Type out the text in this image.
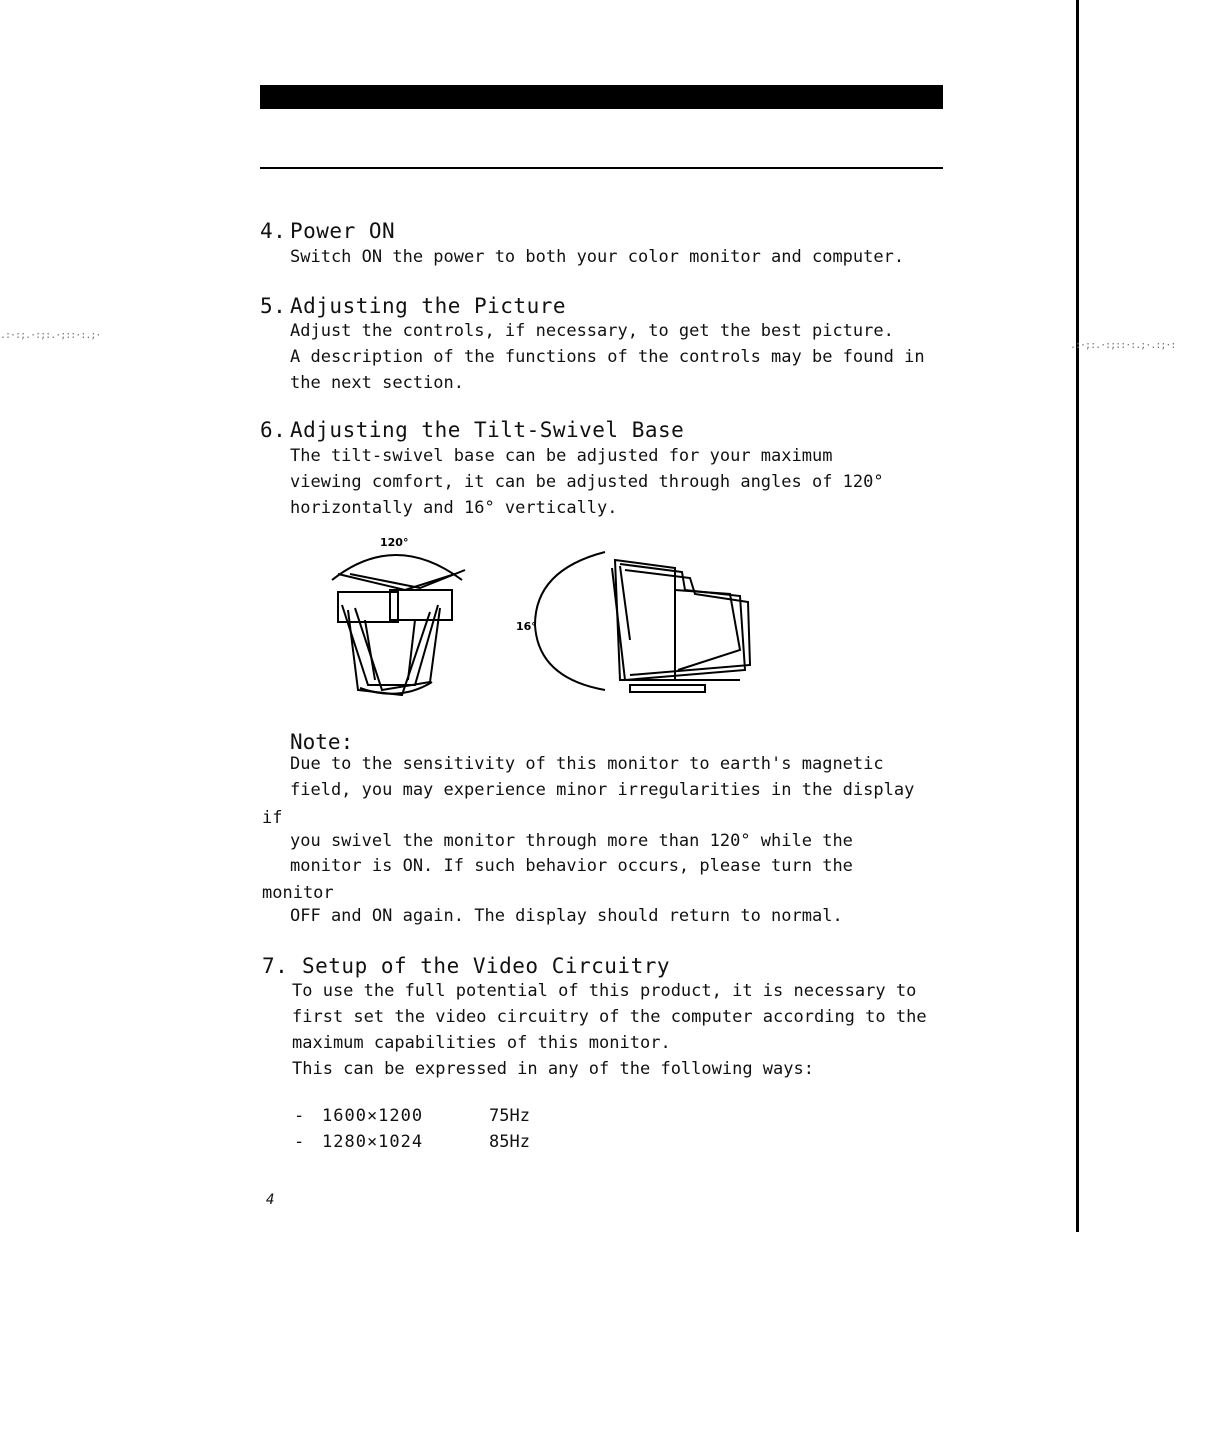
.:·:;.·:;:.·;::·:.;·
.:·;:.·:;::·:.;·.:;·:
4. Power ON
Switch ON the power to both your color monitor and computer.
5. Adjusting the Picture
Adjust the controls, if necessary, to get the best picture.
A description of the functions of the controls may be found in
the next section.
6. Adjusting the Tilt-Swivel Base
The tilt-swivel base can be adjusted for your maximum
viewing comfort, it can be adjusted through angles of 120°
horizontally and 16° vertically.
120°
16°
Note:
Due to the sensitivity of this monitor to earth's magnetic
field, you may experience minor irregularities in the display
if
you swivel the monitor through more than 120° while the
monitor is ON. If such behavior occurs, please turn the
monitor
OFF and ON again. The display should return to normal.
7. Setup of the Video Circuitry
To use the full potential of this product, it is necessary to
first set the video circuitry of the computer according to the
maximum capabilities of this monitor.
This can be expressed in any of the following ways:
- 1600×1200	75Hz
- 1280×1024	85Hz
4
